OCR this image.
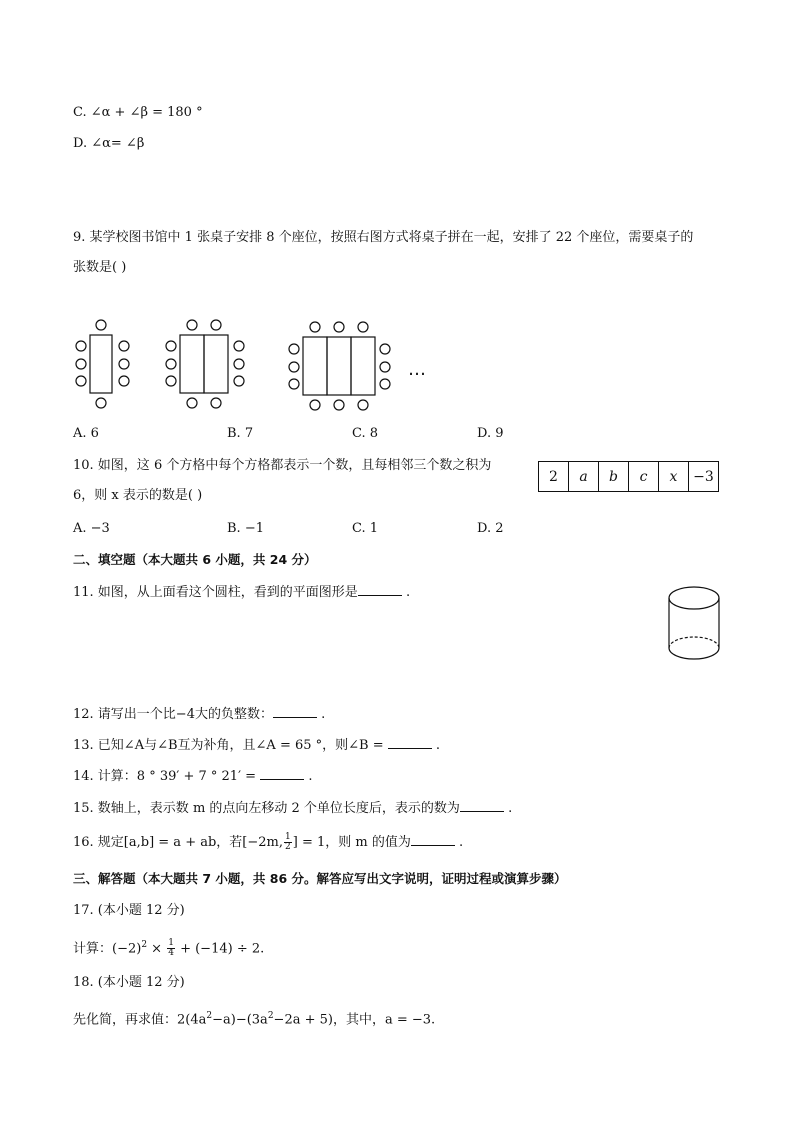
C. ∠α + ∠β = 180 °
D. ∠α= ∠β
9. 某学校图书馆中 1 张桌子安排 8 个座位，按照右图方式将桌子拼在一起，安排了 22 个座位，需要桌子的
张数是( )
…
A. 6	B. 7	C. 8	D. 9
10. 如图，这 6 个方格中每个方格都表示一个数，且每相邻三个数之积为
6，则 x 表示的数是( )
2	a	b	c	x	−3
A. −3	B. −1	C. 1	D. 2
二、填空题（本大题共 6 小题，共 24 分）
11. 如图，从上面看这个圆柱，看到的平面图形是	.
12. 请写出一个比−4大的负整数：	.
13. 已知∠A与∠B互为补角，且∠A = 65 °，则∠B =	.
14. 计算：8 ° 39′ + 7 ° 21′ =	.
15. 数轴上，表示数 m 的点向左移动 2 个单位长度后，表示的数为	.
16. 规定[a,b] = a + ab，若[−2m, $\frac{1}{2}$ ] = 1，则 m 的值为	.
三、解答题（本大题共 7 小题，共 86 分。解答应写出文字说明，证明过程或演算步骤）
17. (本小题 12 分)
计算：$(-2)^2 \times \frac{1}{4} + (-14) \div 2$.
18. (本小题 12 分)
先化简，再求值：$2(4a^2-a)-(3a^2-2a + 5)$，其中，a = −3.
